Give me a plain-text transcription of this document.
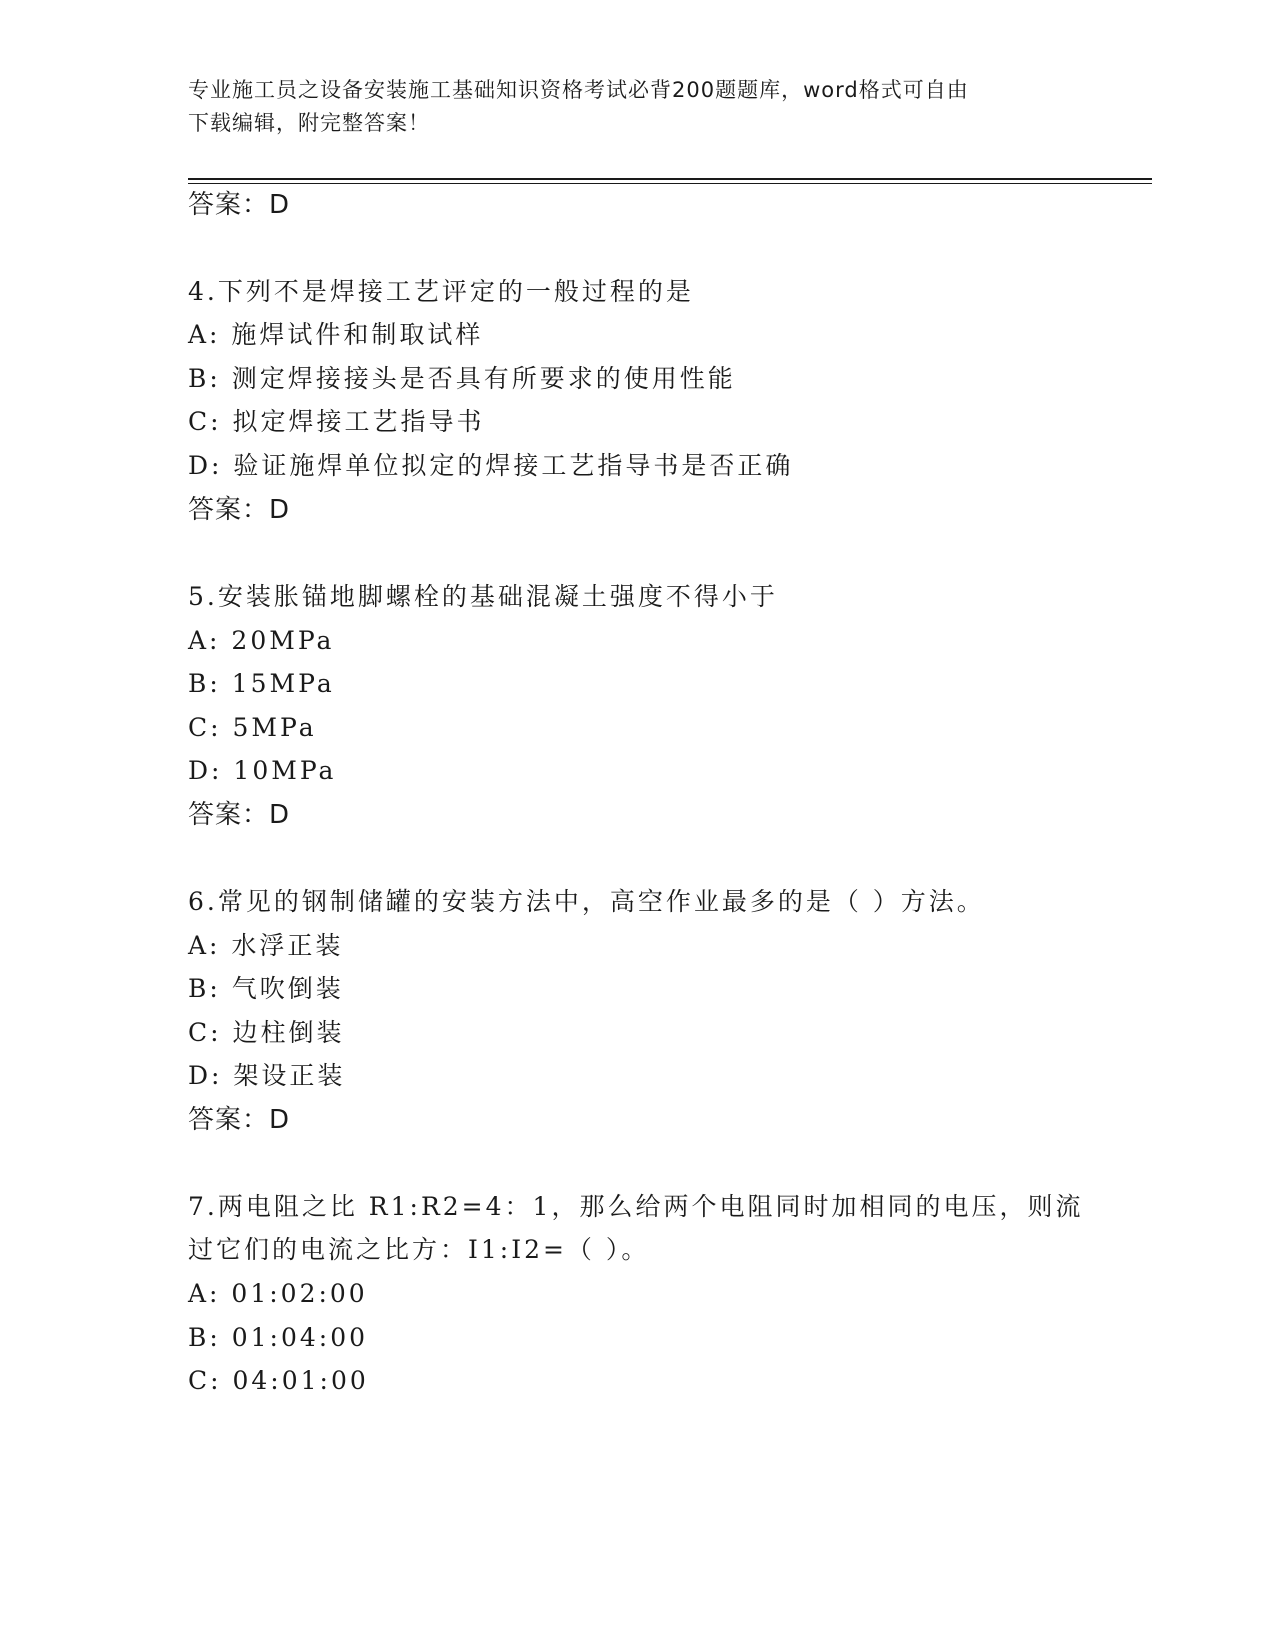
专业施工员之设备安装施工基础知识资格考试必背200题题库，word格式可自由
下载编辑，附完整答案！
答案：D
4.下列不是焊接工艺评定的一般过程的是
A: 施焊试件和制取试样
B: 测定焊接接头是否具有所要求的使用性能
C: 拟定焊接工艺指导书
D: 验证施焊单位拟定的焊接工艺指导书是否正确
答案：D
5.安装胀锚地脚螺栓的基础混凝土强度不得小于
A: 20MPa
B: 15MPa
C: 5MPa
D: 10MPa
答案：D
6.常见的钢制储罐的安装方法中，高空作业最多的是（ ）方法。
A: 水浮正装
B: 气吹倒装
C: 边柱倒装
D: 架设正装
答案：D
7.两电阻之比 R1:R2=4：1，那么给两个电阻同时加相同的电压，则流
过它们的电流之比方：I1:I2=（ ）。
A: 01:02:00
B: 01:04:00
C: 04:01:00
